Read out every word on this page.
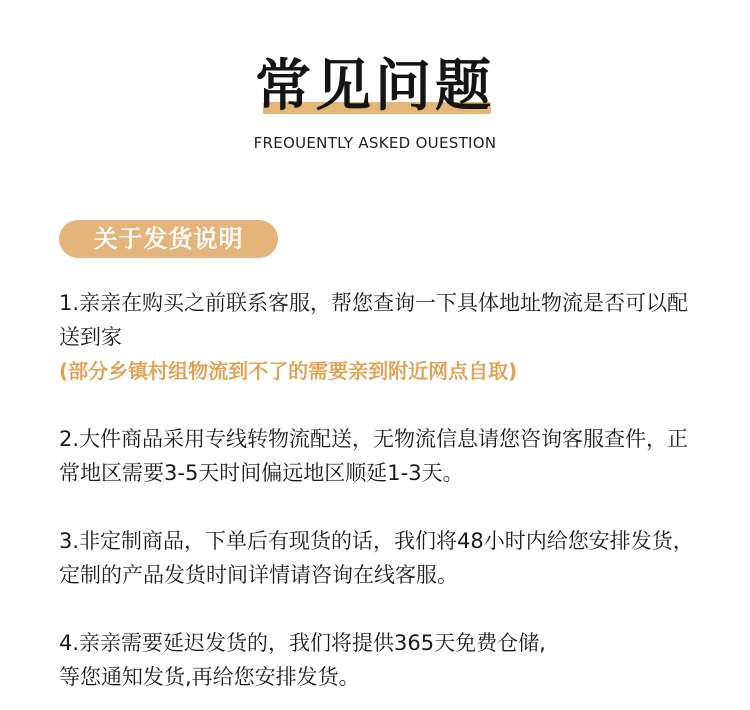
常见问题
FREOUENTLY ASKED OUESTION
关于发货说明

1.亲亲在购买之前联系客服，帮您查询一下具体地址物流是否可以配送到家
(部分乡镇村组物流到不了的需要亲到附近网点自取)

2.大件商品采用专线转物流配送，无物流信息请您咨询客服查件，正常地区需要3-5天时间偏远地区顺延1-3天。

3.非定制商品，下单后有现货的话，我们将48小时内给您安排发货，定制的产品发货时间详情请咨询在线客服。

4.亲亲需要延迟发货的，我们将提供365天免费仓储,
等您通知发货,再给您安排发货。
